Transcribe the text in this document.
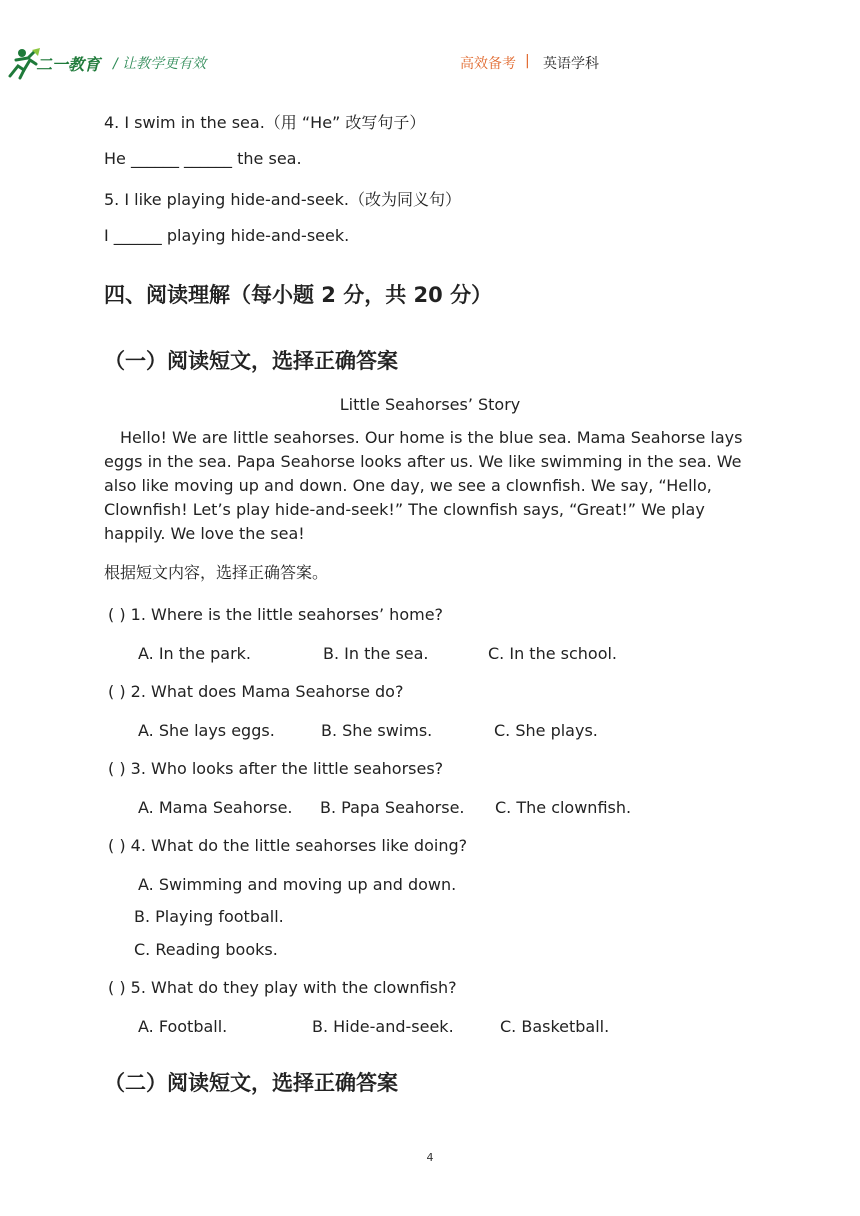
二一教育 / 让教学更有效	高效备考 | 英语学科
4. I swim in the sea.（用 “He” 改写句子）
He ______ ______ the sea.
5. I like playing hide-and-seek.（改为同义句）
I ______ playing hide-and-seek.
四、阅读理解（每小题 2 分，共 20 分）
（一）阅读短文，选择正确答案
Little Seahorses’ Story

Hello! We are little seahorses. Our home is the blue sea. Mama Seahorse lays eggs in the sea. Papa Seahorse looks after us. We like swimming in the sea. We also like moving up and down. One day, we see a clownfish. We say, “Hello, Clownfish! Let’s play hide-and-seek!” The clownfish says, “Great!” We play happily. We love the sea!

根据短文内容，选择正确答案。
( ) 1. Where is the little seahorses’ home?
A. In the park.	B. In the sea.	C. In the school.
( ) 2. What does Mama Seahorse do?
A. She lays eggs.	B. She swims.	C. She plays.
( ) 3. Who looks after the little seahorses?
A. Mama Seahorse. B. Papa Seahorse. C. The clownfish.
( ) 4. What do the little seahorses like doing?
A. Swimming and moving up and down.
B. Playing football.
C. Reading books.
( ) 5. What do they play with the clownfish?
A. Football.	B. Hide-and-seek.	C. Basketball.
（二）阅读短文，选择正确答案
4
